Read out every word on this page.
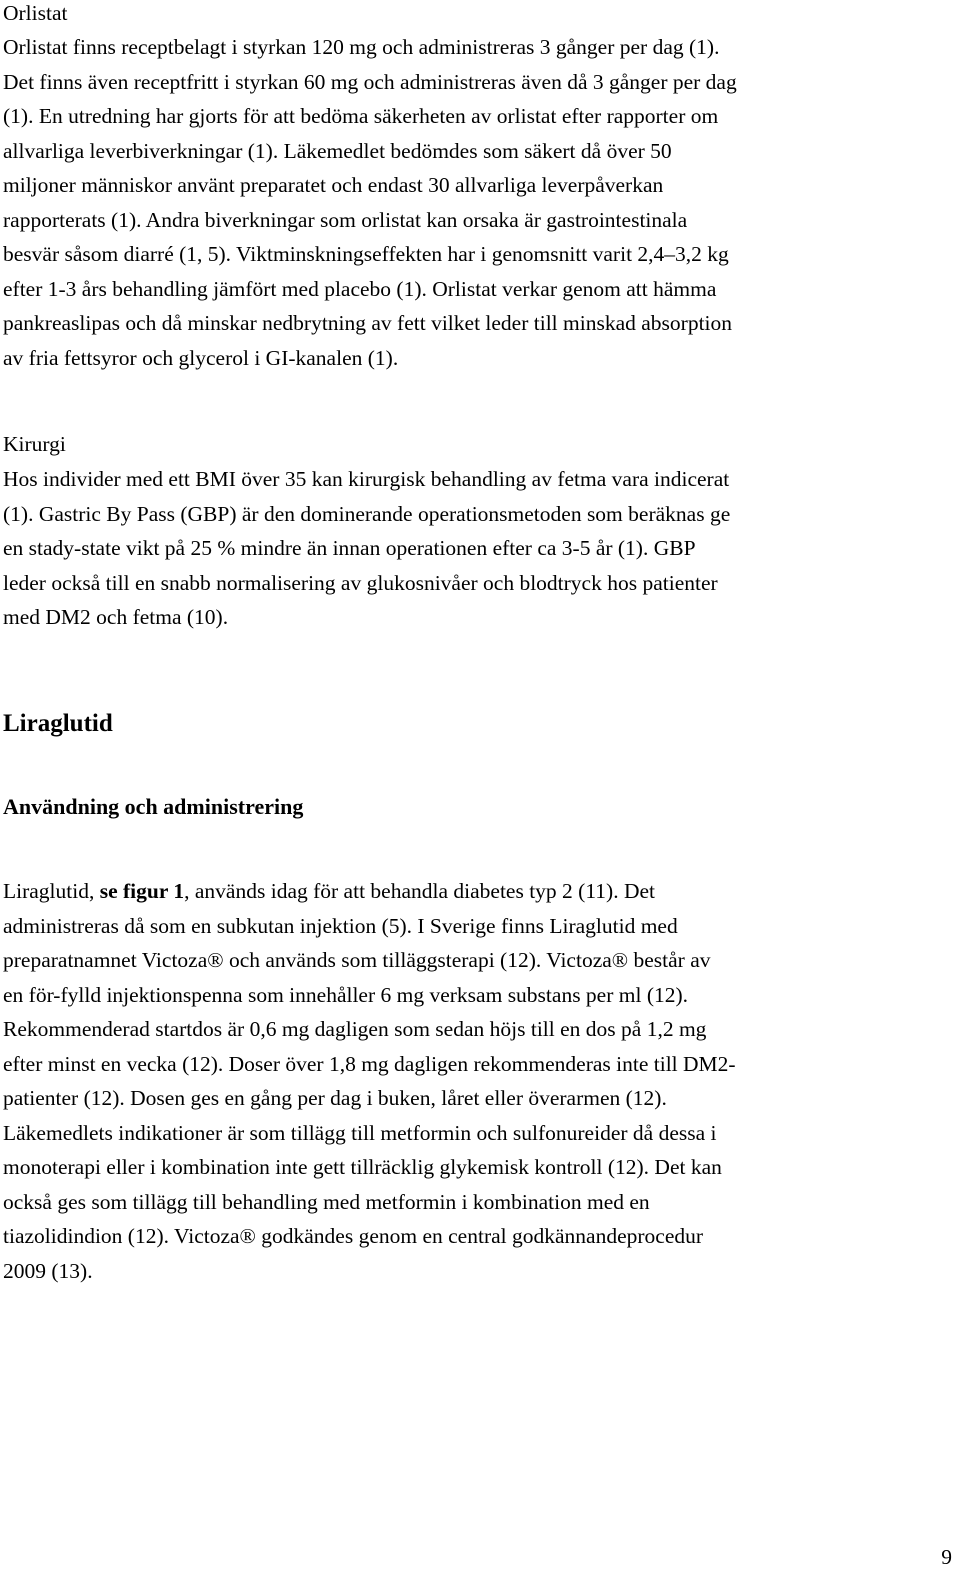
Orlistat

Orlistat finns receptbelagt i styrkan 120 mg och administreras 3 gånger per dag (1).
Det finns även receptfritt i styrkan 60 mg och administreras även då 3 gånger per dag
(1). En utredning har gjorts för att bedöma säkerheten av orlistat efter rapporter om
allvarliga leverbiverkningar (1). Läkemedlet bedömdes som säkert då över 50
miljoner människor använt preparatet och endast 30 allvarliga leverpåverkan
rapporterats (1). Andra biverkningar som orlistat kan orsaka är gastrointestinala
besvär såsom diarré (1, 5). Viktminskningseffekten har i genomsnitt varit 2,4–3,2 kg
efter 1-3 års behandling jämfört med placebo (1). Orlistat verkar genom att hämma
pankreaslipas och då minskar nedbrytning av fett vilket leder till minskad absorption
av fria fettsyror och glycerol i GI-kanalen (1).

Kirurgi

Hos individer med ett BMI över 35 kan kirurgisk behandling av fetma vara indicerat
(1). Gastric By Pass (GBP) är den dominerande operationsmetoden som beräknas ge
en stady-state vikt på 25 % mindre än innan operationen efter ca 3-5 år (1). GBP
leder också till en snabb normalisering av glukosnivåer och blodtryck hos patienter
med DM2 och fetma (10).
Liraglutid
Användning och administrering
Liraglutid, se figur 1, används idag för att behandla diabetes typ 2 (11). Det
administreras då som en subkutan injektion (5). I Sverige finns Liraglutid med
preparatnamnet Victoza® och används som tilläggsterapi (12). Victoza® består av
en för-fylld injektionspenna som innehåller 6 mg verksam substans per ml (12).
Rekommenderad startdos är 0,6 mg dagligen som sedan höjs till en dos på 1,2 mg
efter minst en vecka (12). Doser över 1,8 mg dagligen rekommenderas inte till DM2-
patienter (12). Dosen ges en gång per dag i buken, låret eller överarmen (12).
Läkemedlets indikationer är som tillägg till metformin och sulfonureider då dessa i
monoterapi eller i kombination inte gett tillräcklig glykemisk kontroll (12). Det kan
också ges som tillägg till behandling med metformin i kombination med en
tiazolidindion (12). Victoza® godkändes genom en central godkännandeprocedur
2009 (13).

9
